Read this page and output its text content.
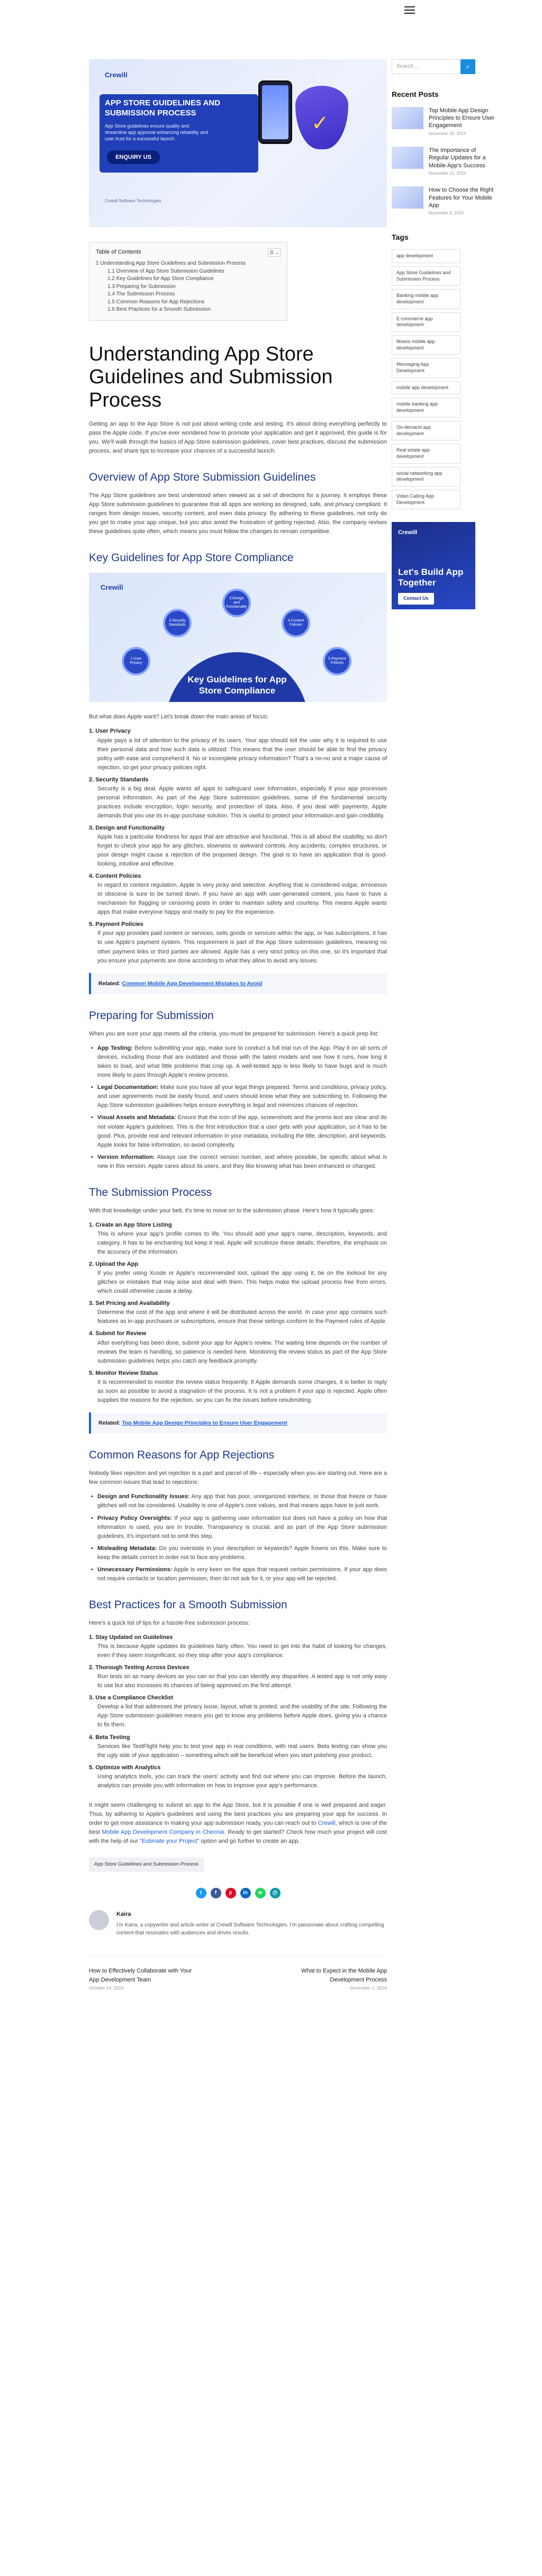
Crewill
APP STORE GUIDELINES AND SUBMISSION PROCESS
App Store guidelines ensure quality and streamline app approval enhancing reliability and user trust for a successful launch.
ENQUIRY US
✓
Crewill Software Technologies
Table of Contents	☰ ⌄
1 Understanding App Store Guidelines and Submission Process
1.1 Overview of App Store Submission Guidelines
1.2 Key Guidelines for App Store Compliance
1.3 Preparing for Submission
1.4 The Submission Process
1.5 Common Reasons for App Rejections
1.6 Best Practices for a Smooth Submission
Understanding App Store Guidelines and Submission Process

Getting an app to the App Store is not just about writing code and testing. It's about doing everything perfectly to pass the Apple code. If you've ever wondered how to promote your application and get it approved, this guide is for you. We'll walk through the basics of App Store submission guidelines, cover best practices, discuss the submission process, and share tips to increase your chances of a successful launch.

Overview of App Store Submission Guidelines

The App Store guidelines are best understood when viewed as a set of directions for a journey. It employs these App Store submission guidelines to guarantee that all apps are working as designed, safe, and privacy compliant. It ranges from design issues, security content, and even data privacy. By adhering to these guidelines, not only do you get to make your app unique, but you also avoid the frustration of getting rejected. Also, the company revises these guidelines quite often, which means you must follow the changes to remain competitive.

Key Guidelines for App Store Compliance
Crewill
Key Guidelines for App Store Compliance
1.User Privacy
2.Security Standards
3.Design and Functionality
4.Content Policies
5.Payment Policies

But what does Apple want? Let's break down the main areas of focus:

User Privacy
Apple pays a lot of attention to the privacy of its users. Your app should tell the user why it is required to use their personal data and how such data is utilized. This means that the user should be able to find the privacy policy with ease and comprehend it. No or incomplete privacy information? That's a no-no and a major cause of rejection, so get your privacy policies right.
Security Standards
Security is a big deal. Apple wants all apps to safeguard user information, especially if your app processes personal information. As part of the App Store submission guidelines, some of the fundamental security practices include encryption, login security, and protection of data. Also, if you deal with payments, Apple demands that you use its in-app purchase solution. This is useful to protect your information and gain credibility.
Design and Functionality
Apple has a particular fondness for apps that are attractive and functional. This is all about the usability, so don't forget to check your app for any glitches, slowness or awkward controls. Any accidents, complex structures, or poor design might cause a rejection of the proposed design. The goal is to have an application that is good-looking, intuitive and effective.
Content Policies
In regard to content regulation, Apple is very picky and selective. Anything that is considered vulgar, erroneous or obscene is sure to be turned down. If you have an app with user-generated content, you have to have a mechanism for flagging or censoring posts in order to maintain safety and courtesy. This means Apple wants apps that make everyone happy and ready to pay for the experience.
Payment Policies
If your app provides paid content or services, sells goods or services within the app, or has subscriptions, it has to use Apple's payment system. This requirement is part of the App Store submission guidelines, meaning no other payment links or third parties are allowed. Apple has a very strict policy on this one, so it's important that you ensure your payments are done according to what they allow to avoid any issues.
Related: Common Mobile App Development Mistakes to Avoid
Preparing for Submission

When you are sure your app meets all the criteria, you must be prepared for submission. Here's a quick prep list:

• App Testing: Before submitting your app, make sure to conduct a full trial run of the App. Play it on all sorts of devices, including those that are outdated and those with the latest models and see how it runs, how long it takes to load, and what little problems that crop up. A well-tested app is less likely to have bugs and is much more likely to pass through Apple's review process.
• Legal Documentation: Make sure you have all your legal things prepared. Terms and conditions, privacy policy, and user agreements must be easily found, and users should know what they are subscribing to. Following the App Store submission guidelines helps ensure everything is legal and minimizes chances of rejection.
• Visual Assets and Metadata: Ensure that the icon of the app, screenshots and the promo text are clear and do not violate Apple's guidelines. This is the first introduction that a user gets with your application, so it has to be good. Plus, provide real and relevant information in your metadata, including the title, description, and keywords. Apple looks for false information, so avoid complexity.
• Version Information: Always use the correct version number, and where possible, be specific about what is new in this version. Apple cares about its users, and they like knowing what has been enhanced or changed.
The Submission Process

With that knowledge under your belt, it's time to move on to the submission phase. Here's how it typically goes:

Create an App Store Listing
This is where your app's profile comes to life. You should add your app's name, description, keywords, and category. It has to be enchanting but keep it real. Apple will scrutinize these details; therefore, the emphasis on the accuracy of the information.
Upload the App
If you prefer using Xcode or Apple's recommended tool, upload the app using it; be on the lookout for any glitches or mistakes that may arise and deal with them. This helps make the upload process free from errors, which could otherwise cause a delay.
Set Pricing and Availability
Determine the cost of the app and where it will be distributed across the world. In case your app contains such features as in-app purchases or subscriptions, ensure that these settings conform to the Payment rules of Apple.
Submit for Review
After everything has been done, submit your app for Apple's review. The waiting time depends on the number of reviews the team is handling, so patience is needed here. Monitoring the review status as part of the App Store submission guidelines helps you catch any feedback promptly.
Monitor Review Status
It is recommended to monitor the review status frequently. If Apple demands some changes, it is better to reply as soon as possible to avoid a stagnation of the process. It is not a problem if your app is rejected. Apple often supplies the reasons for the rejection, so you can fix the issues before resubmitting.
Related: Top Mobile App Design Principles to Ensure User Engagement
Common Reasons for App Rejections

Nobody likes rejection and yet rejection is a part and parcel of life – especially when you are starting out. Here are a few common issues that lead to rejections:

• Design and Functionality Issues: Any app that has poor, unorganized interface, or those that freeze or have glitches will not be considered. Usability is one of Apple's core values, and that means apps have to just work.
• Privacy Policy Oversights: If your app is gathering user information but does not have a policy on how that information is used, you are in trouble. Transparency is crucial, and as part of the App Store submission guidelines, it's important not to omit this step.
• Misleading Metadata: Do you overstate in your description or keywords? Apple frowns on this. Make sure to keep the details correct in order not to face any problems.
• Unnecessary Permissions: Apple is very keen on the apps that request certain permissions. If your app does not require contacts or location permission, then do not ask for it, or your app will be rejected.
Best Practices for a Smooth Submission

Here's a quick list of tips for a hassle-free submission process:

Stay Updated on Guidelines
This is because Apple updates its guidelines fairly often. You need to get into the habit of looking for changes, even if they seem insignificant, so they stop after your app's compliance.
Thorough Testing Across Devices
Run tests on as many devices as you can so that you can identify any disparities. A tested app is not only easy to use but also increases its chances of being approved on the first attempt.
Use a Compliance Checklist
Develop a list that addresses the privacy issue, layout, what is posted, and the usability of the site. Following the App Store submission guidelines means you get to know any problems before Apple does, giving you a chance to fix them.
Beta Testing
Services like TestFlight help you to test your app in real conditions, with real users. Beta testing can show you the ugly side of your application – something which will be beneficial when you start polishing your product.
Optimize with Analytics
Using analytics tools, you can track the users' activity and find out where you can improve. Before the launch, analytics can provide you with information on how to improve your app's performance.

It might seem challenging to submit an app to the App Store, but it is possible if one is well prepared and eager. Thus, by adhering to Apple's guidelines and using the best practices you are preparing your app for success. In order to get more assistance in making your app submission ready, you can reach out to Crewill, which is one of the best Mobile App Development Company in Chennai. Ready to get started? Check how much your project will cost with the help of our "Estimate your Project" option and go further to create an app.

App Store Guidelines and Submission Process
t	f	p	in	w	@
Kaira
I'm Kaira, a copywriter and article writer at Crewill Software Technologies. I'm passionate about crafting compelling content that resonates with audiences and drives results.
How to Effectively Collaborate with Your App Development Team
October 24, 2024
What to Expect in the Mobile App Development Process
November 1, 2024
Search ...	⌕
Recent Posts
Top Mobile App Design Principles to Ensure User Engagement
November 20, 2024
The Importance of Regular Updates for a Mobile App's Success
November 12, 2024
How to Choose the Right Features for Your Mobile App
November 8, 2024
Tags
app development
App Store Guidelines and Submission Process
Banking mobile app development
E-commerce app development
fitness mobile app development
Messaging App Development
mobile app development
mobile banking app development
On-demand app development
Real estate app development
social networking app development
Video Calling App Development
Crewill
Let's Build App Together
Contact Us
